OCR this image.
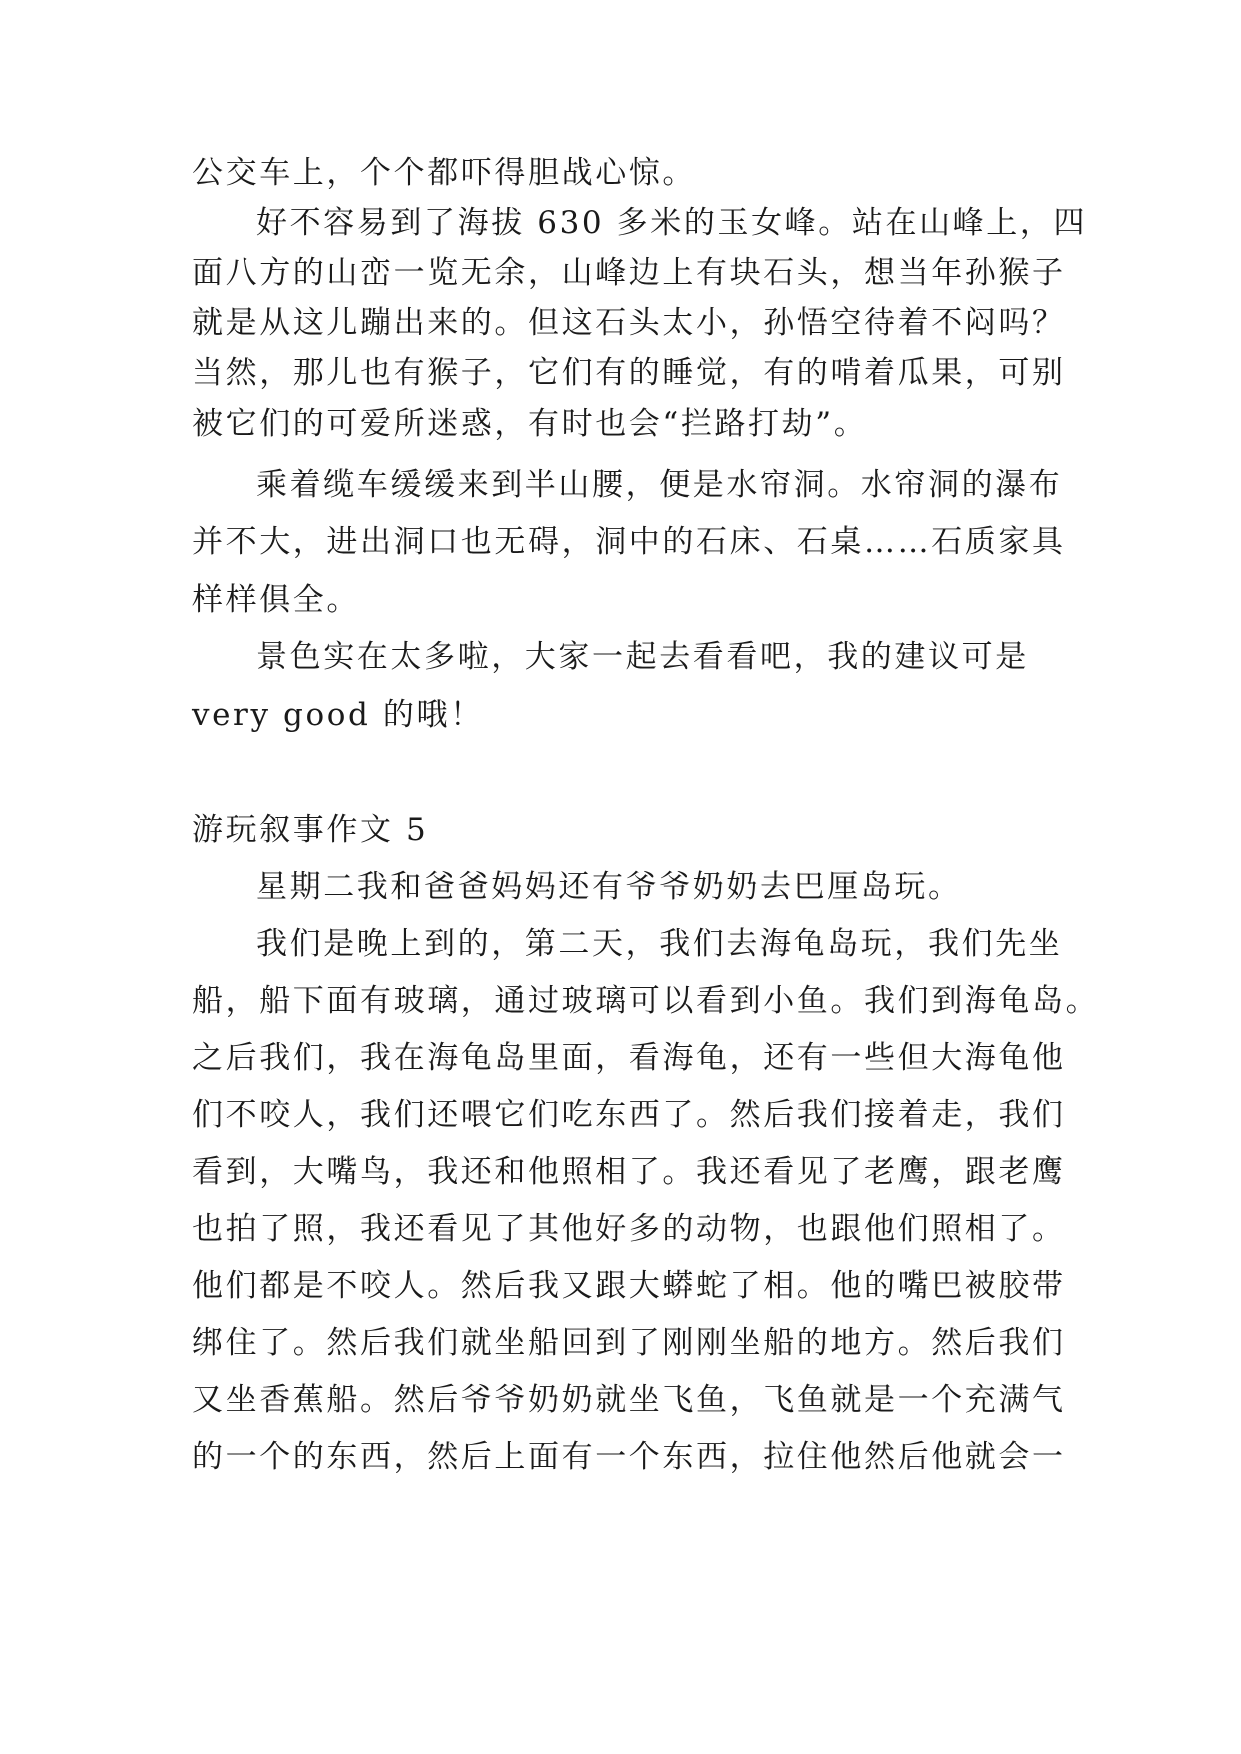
公交车上，个个都吓得胆战心惊。
好不容易到了海拔 630 多米的玉女峰。站在山峰上，四
面八方的山峦一览无余，山峰边上有块石头，想当年孙猴子
就是从这儿蹦出来的。但这石头太小，孙悟空待着不闷吗？
当然，那儿也有猴子，它们有的睡觉，有的啃着瓜果，可别
被它们的可爱所迷惑，有时也会“拦路打劫”。
乘着缆车缓缓来到半山腰，便是水帘洞。水帘洞的瀑布
并不大，进出洞口也无碍，洞中的石床、石桌……石质家具
样样俱全。
景色实在太多啦，大家一起去看看吧，我的建议可是
very good 的哦！
游玩叙事作文 5
星期二我和爸爸妈妈还有爷爷奶奶去巴厘岛玩。
我们是晚上到的，第二天，我们去海龟岛玩，我们先坐
船，船下面有玻璃，通过玻璃可以看到小鱼。我们到海龟岛。
之后我们，我在海龟岛里面，看海龟，还有一些但大海龟他
们不咬人，我们还喂它们吃东西了。然后我们接着走，我们
看到，大嘴鸟，我还和他照相了。我还看见了老鹰，跟老鹰
也拍了照，我还看见了其他好多的动物，也跟他们照相了。
他们都是不咬人。然后我又跟大蟒蛇了相。他的嘴巴被胶带
绑住了。然后我们就坐船回到了刚刚坐船的地方。然后我们
又坐香蕉船。然后爷爷奶奶就坐飞鱼，飞鱼就是一个充满气
的一个的东西，然后上面有一个东西，拉住他然后他就会一
